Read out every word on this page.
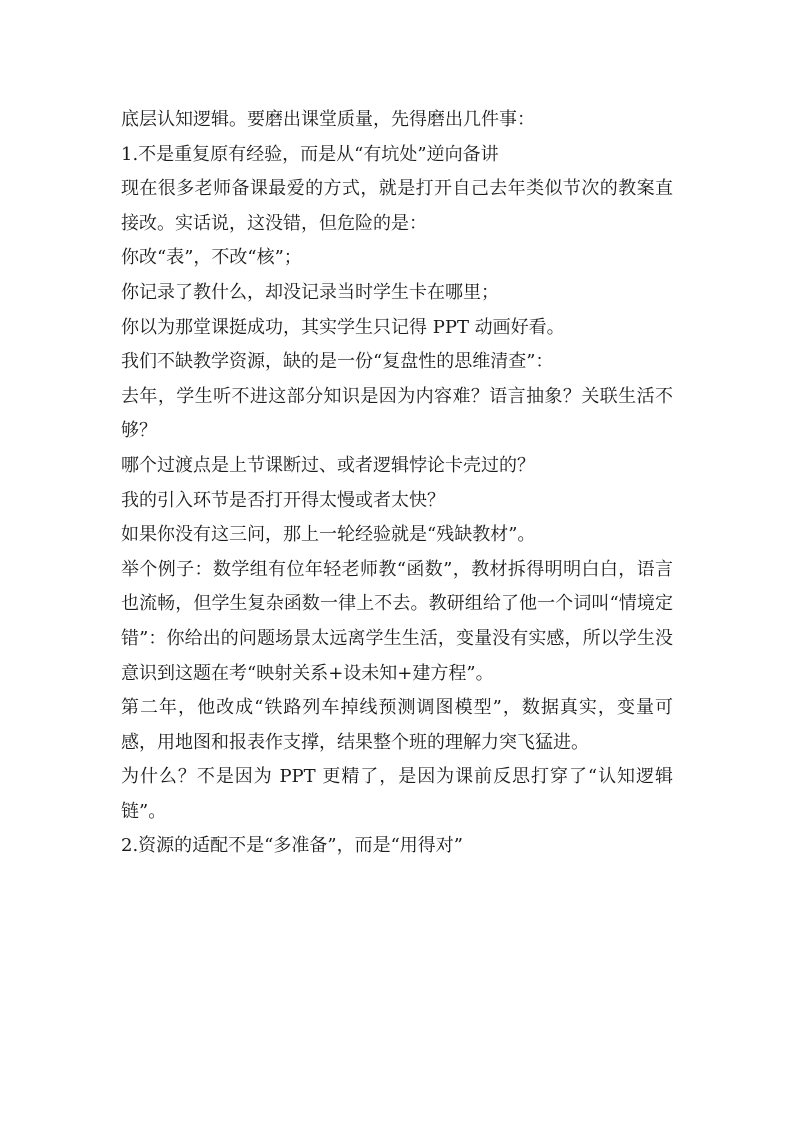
底层认知逻辑。要磨出课堂质量，先得磨出几件事：

1.不是重复原有经验，而是从“有坑处”逆向备讲

现在很多老师备课最爱的方式，就是打开自己去年类似节次的教案直接改。实话说，这没错，但危险的是：

你改“表”，不改“核”；

你记录了教什么，却没记录当时学生卡在哪里；

你以为那堂课挺成功，其实学生只记得 PPT 动画好看。

我们不缺教学资源，缺的是一份“复盘性的思维清查”：

去年，学生听不进这部分知识是因为内容难？语言抽象？关联生活不够？

哪个过渡点是上节课断过、或者逻辑悖论卡壳过的？

我的引入环节是否打开得太慢或者太快？

如果你没有这三问，那上一轮经验就是“残缺教材”。

举个例子：数学组有位年轻老师教“函数”，教材拆得明明白白，语言也流畅，但学生复杂函数一律上不去。教研组给了他一个词叫“情境定错”：你给出的问题场景太远离学生生活，变量没有实感，所以学生没意识到这题在考“映射关系+设未知+建方程”。

第二年，他改成“铁路列车掉线预测调图模型”，数据真实，变量可感，用地图和报表作支撑，结果整个班的理解力突飞猛进。

为什么？不是因为 PPT 更精了，是因为课前反思打穿了“认知逻辑链”。

2.资源的适配不是“多准备”，而是“用得对”
